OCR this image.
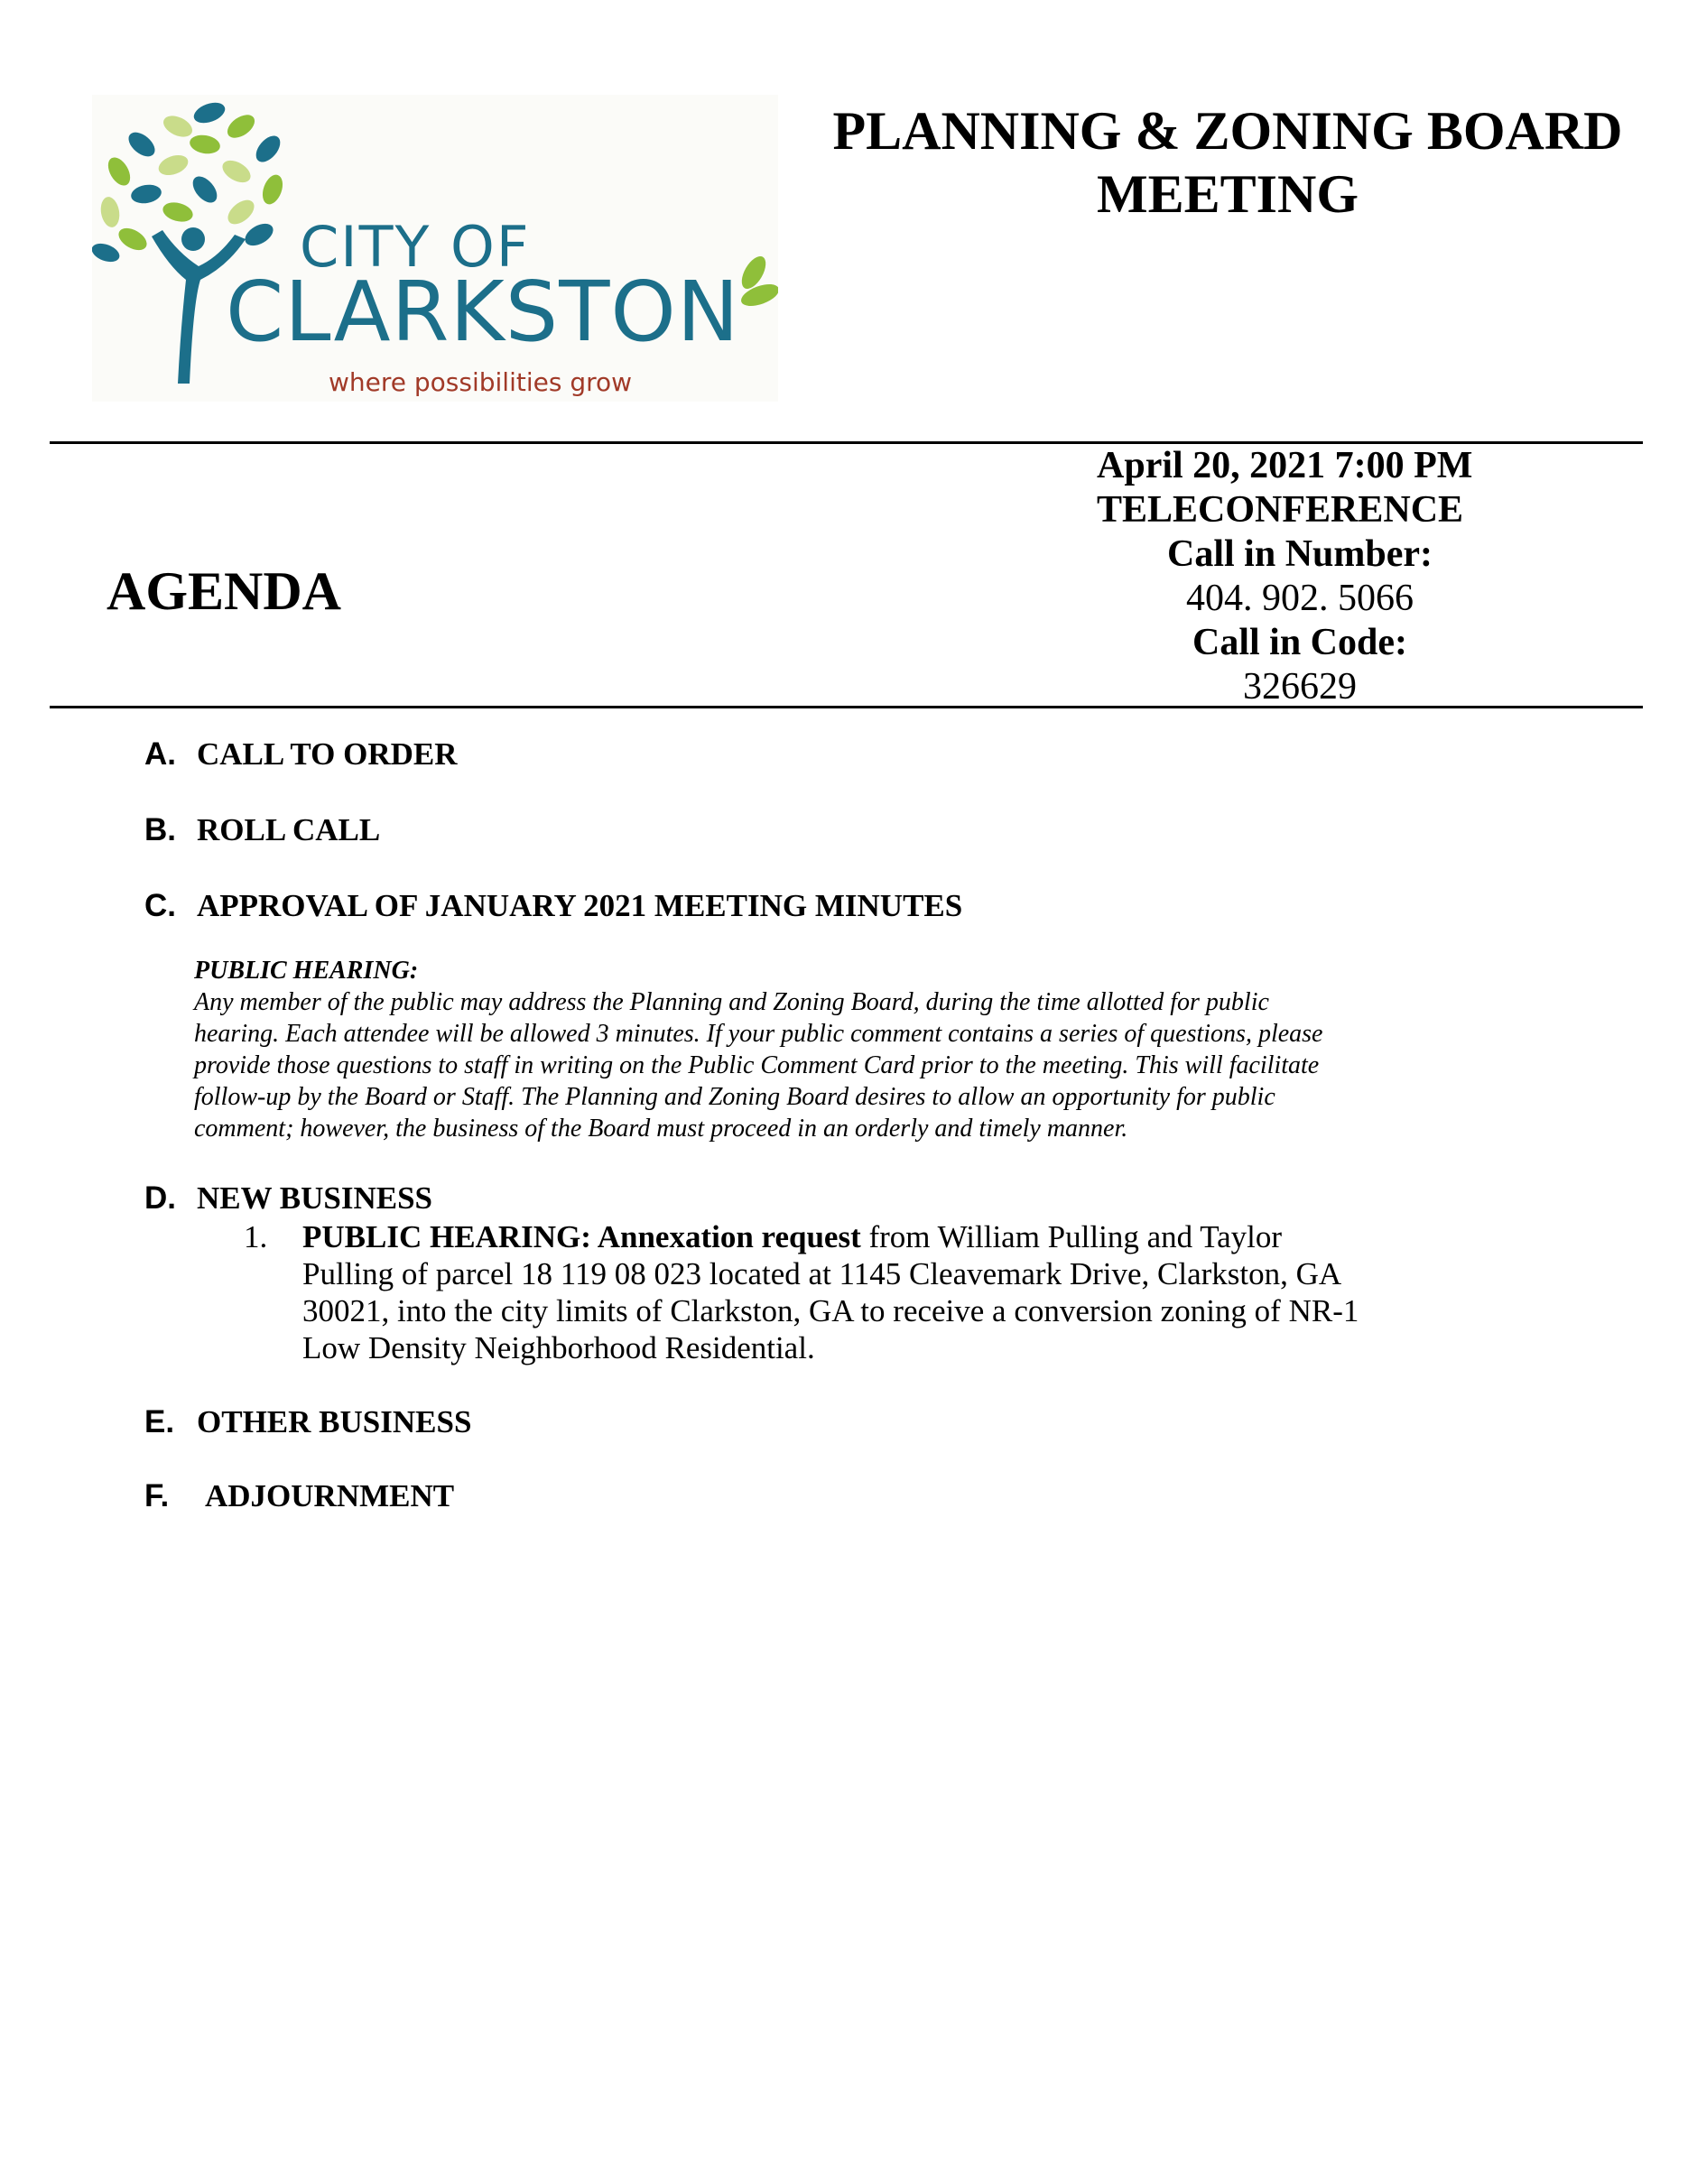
CITY OF
CLARKSTON
where possibilities grow
PLANNING & ZONING BOARD
MEETING
AGENDA
April 20, 2021 7:00 PM
TELECONFERENCE
Call in Number:
404. 902. 5066
Call in Code:
326629
A. CALL TO ORDER
B. ROLL CALL
C. APPROVAL OF JANUARY 2021 MEETING MINUTES
PUBLIC HEARING:
Any member of the public may address the Planning and Zoning Board, during the time allotted for public
hearing. Each attendee will be allowed 3 minutes. If your public comment contains a series of questions, please
provide those questions to staff in writing on the Public Comment Card prior to the meeting. This will facilitate
follow-up by the Board or Staff. The Planning and Zoning Board desires to allow an opportunity for public
comment; however, the business of the Board must proceed in an orderly and timely manner.
D. NEW BUSINESS
1. PUBLIC HEARING: Annexation request from William Pulling and Taylor
Pulling of parcel 18 119 08 023 located at 1145 Cleavemark Drive, Clarkston, GA
30021, into the city limits of Clarkston, GA to receive a conversion zoning of NR-1
Low Density Neighborhood Residential.
E. OTHER BUSINESS
F. ADJOURNMENT
